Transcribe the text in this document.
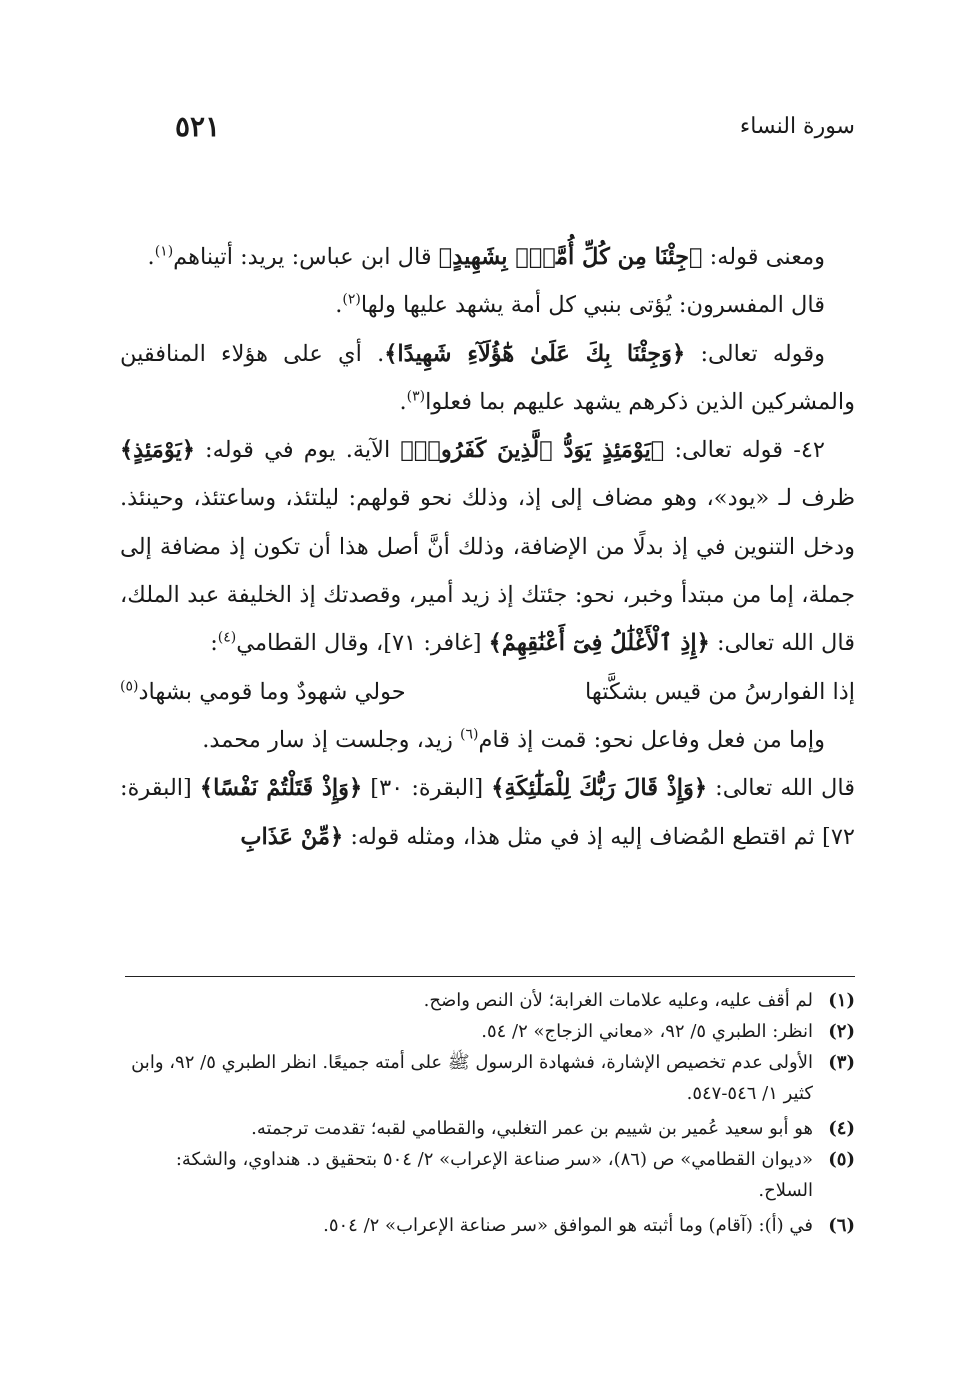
٥٢١	سورة النساء

ومعنى قوله: ﴿جِئْنَا مِن كُلِّ أُمَّةٍۭ بِشَهِيدٍ﴾ قال ابن عباس: يريد: أتيناهم$^{(١)}$.

قال المفسرون: يُؤتى بنبي كل أمة يشهد عليها ولها$^{(٢)}$.

وقوله تعالى: ﴿وَجِئْنَا بِكَ عَلَىٰ هَٰٓؤُلَآءِ شَهِيدًا﴾. أي على هؤلاء المنافقين والمشركين الذين ذكرهم يشهد عليهم بما فعلوا$^{(٣)}$.

٤٢- قوله تعالى: ﴿يَوْمَئِذٍ يَوَدُّ ٱلَّذِينَ كَفَرُوا۟﴾ الآية. يوم في قوله: ﴿يَوْمَئِذٍ﴾ ظرف لـ «يود»، وهو مضاف إلى إذ، وذلك نحو قولهم: ليلتئذ، وساعتئذ، وحينئذ. ودخل التنوين في إذ بدلًا من الإضافة، وذلك أنَّ أصل هذا أن تكون إذ مضافة إلى جملة، إما من مبتدأ وخبر، نحو: جئتك إذ زيد أمير، وقصدتك إذ الخليفة عبد الملك، قال الله تعالى: ﴿إِذِ ٱلْأَغْلَٰلُ فِىٓ أَعْنَٰقِهِمْ﴾ [غافر: ٧١]، وقال القطامي$^{(٤)}$:

إذا الفوارسُ من قيس بشكَّتها
حولي شهودٌ وما قومي بشهاد$^{(٥)}$

وإما من فعل وفاعل نحو: قمت إذ قام$^{(٦)}$ زيد، وجلست إذ سار محمد.

قال الله تعالى: ﴿وَإِذْ قَالَ رَبُّكَ لِلْمَلَٰٓئِكَةِ﴾ [البقرة: ٣٠] ﴿وَإِذْ قَتَلْتُمْ نَفْسًا﴾ [البقرة: ٧٢] ثم اقتطع المُضاف إليه إذ في مثل هذا، ومثله قوله: ﴿مِّنْ عَذَابِ

(١)
لم أقف عليه، وعليه علامات الغرابة؛ لأن النص واضح.
(٢)
انظر: الطبري ٥/ ٩٢، «معاني الزجاج» ٢/ ٥٤.
(٣)
الأولى عدم تخصيص الإشارة، فشهادة الرسول ﷺ على أمته جميعًا. انظر الطبري ٥/ ٩٢، وابن كثير ١/ ٥٤٦-٥٤٧.
(٤)
هو أبو سعيد عُمير بن شييم بن عمر التغلبي، والقطامي لقبه؛ تقدمت ترجمته.
(٥)
«ديوان القطامي» ص (٨٦)، «سر صناعة الإعراب» ٢/ ٥٠٤ بتحقيق د. هنداوي، والشكة: السلاح.
(٦)
في (أ): (آقام) وما أثبته هو الموافق «سر صناعة الإعراب» ٢/ ٥٠٤.
